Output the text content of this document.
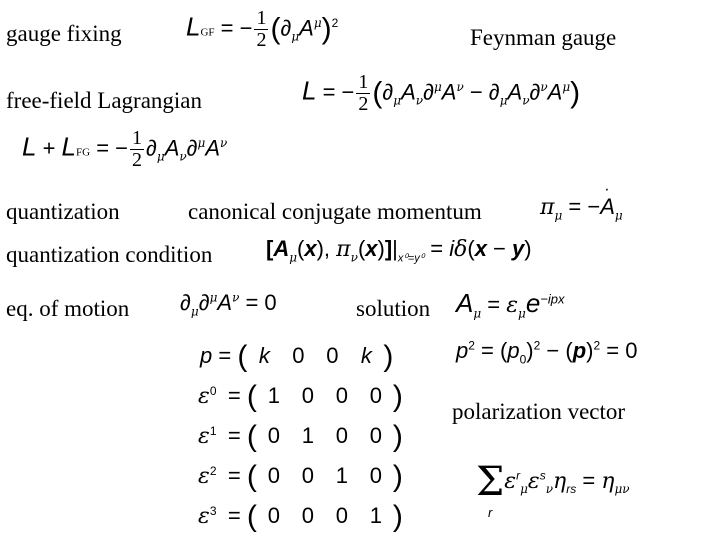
gauge fixing	Feynman gauge
free-field Lagrangian
quantization	canonical conjugate momentum
quantization condition
eq. of motion	solution
polarization vector
LGF = − $\frac{1}{2} (\partial_\mu A^\mu)^2$
L = − $\frac{1}{2} (\partial_\mu A_\nu\partial^\mu A^\nu - \partial_\mu A_\nu\partial^\nu A^\mu)$
L + LFG = − $\frac{1}{2} \partial_\mu A_\nu\partial^\mu A^\nu$
$\pi_\mu = -A$
·
$_\mu$
[$A_\mu(x)$, $\pi_\nu(x)]|_{x^0=y^0} = i\delta(x - y)$
$\partial_\mu\partial^\mu A^\nu = 0$	$A_\mu = \varepsilon_\mu e^{-ipx}$
p = ( k 0 0 k )	$p^2 = (p_0)^2 - (p)^2 = 0$
ε0 = ( 1 0 0 0 )
ε1 = ( 0 1 0 0 )
ε2 = ( 0 0 1 0 )
ε3 = ( 0 0 0 1 )
$\Sigma\varepsilon^r_\mu\varepsilon^s_\nu\eta_{rs} = \eta_{\mu\nu}$
r
